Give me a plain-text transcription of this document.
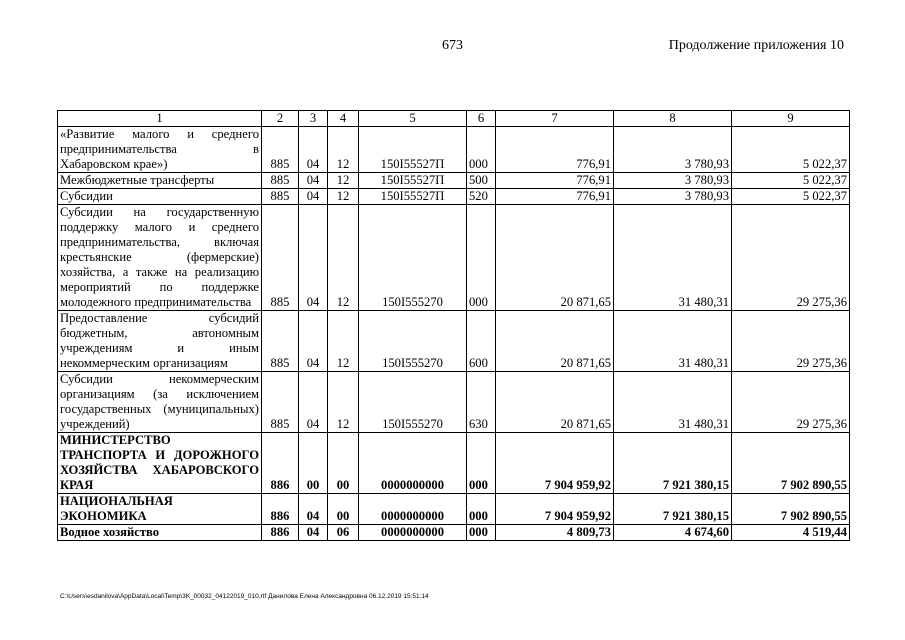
673	Продолжение приложения 10
1	2	3	4	5	6	7	8	9
«Развитие малого и среднего предпринимательства в Хабаровском крае»)	885	04	12	150I55527П	000	776,91	3 780,93	5 022,37
Межбюджетные трансферты	885	04	12	150I55527П	500	776,91	3 780,93	5 022,37
Субсидии	885	04	12	150I55527П	520	776,91	3 780,93	5 022,37
Субсидии на государственную поддержку малого и среднего предпринимательства, включая крестьянские (фермерские) хозяйства, а также на реализацию мероприятий по поддержке молодежного предпринимательства	885	04	12	150I555270	000	20 871,65	31 480,31	29 275,36
Предоставление субсидий бюджетным, автономным учреждениям и иным некоммерческим организациям	885	04	12	150I555270	600	20 871,65	31 480,31	29 275,36
Субсидии некоммерческим организациям (за исключением государственных (муниципальных) учреждений)	885	04	12	150I555270	630	20 871,65	31 480,31	29 275,36
МИНИСТЕРСТВО ТРАНСПОРТА И ДОРОЖНОГО ХОЗЯЙСТВА ХАБАРОВСКОГО КРАЯ	886	00	00	0000000000	000	7 904 959,92	7 921 380,15	7 902 890,55
НАЦИОНАЛЬНАЯ ЭКОНОМИКА	886	04	00	0000000000	000	7 904 959,92	7 921 380,15	7 902 890,55
Водное хозяйство	886	04	06	0000000000	000	4 809,73	4 674,60	4 519,44
C:\Users\esdanilova\AppData\Local\Temp\3K_00032_04122019_010.rtf Данилова Елена Александровна 06.12.2019 15:51:14
